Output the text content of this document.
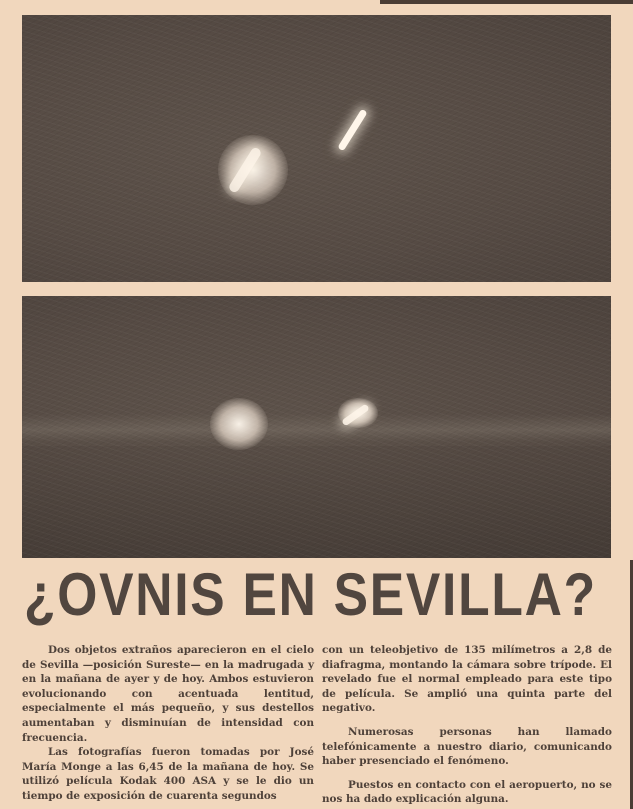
¿OVNIS EN SEVILLA?

Dos objetos extraños aparecieron en el cielo de Sevilla —posición Sureste— en la madrugada y en la mañana de ayer y de hoy. Ambos estuvieron evolucionando con acentuada lentitud, especialmente el más pequeño, y sus destellos aumentaban y disminuían de intensidad con frecuencia.

Las fotografías fueron tomadas por José María Monge a las 6,45 de la mañana de hoy. Se utilizó película Kodak 400 ASA y se le dio un tiempo de exposición de cuarenta segundos

con un teleobjetivo de 135 milímetros a 2,8 de diafragma, montando la cámara sobre trípode. El revelado fue el normal empleado para este tipo de película. Se amplió una quinta parte del negativo.

Numerosas personas han llamado telefónicamente a nuestro diario, comunicando haber presenciado el fenómeno.

Puestos en contacto con el aeropuerto, no se nos ha dado explicación alguna.
